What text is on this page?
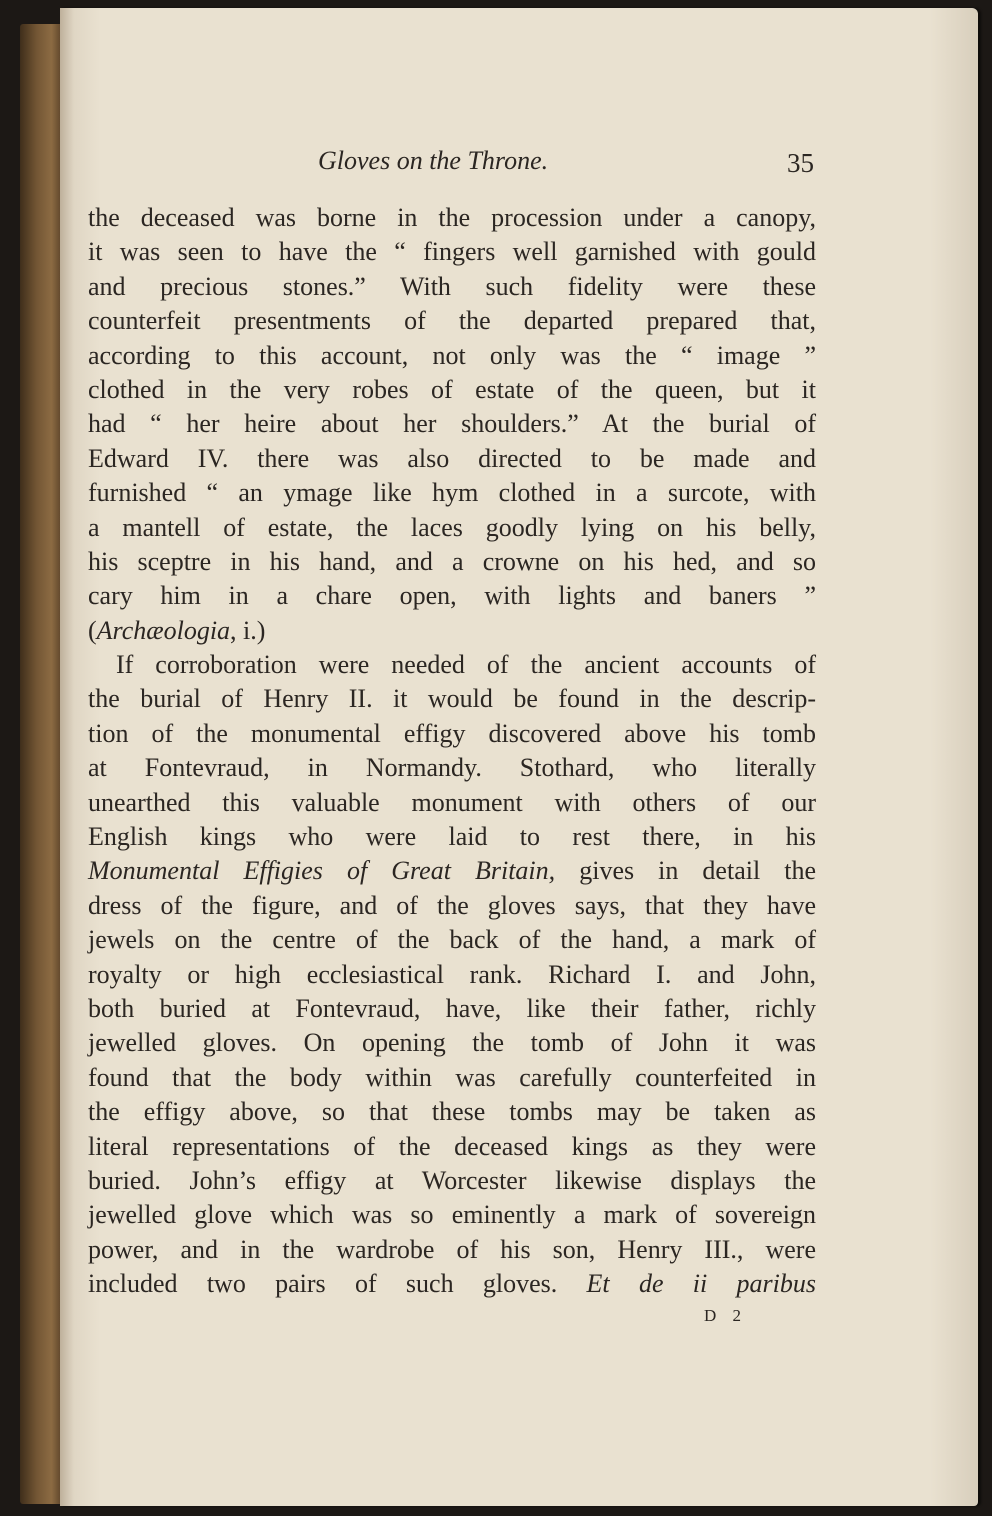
Gloves on the Throne.	35
the deceased was borne in the procession under a canopy,
it was seen to have the “ fingers well garnished with gould
and precious stones.” With such fidelity were these
counterfeit presentments of the departed prepared that,
according to this account, not only was the “ image ”
clothed in the very robes of estate of the queen, but it
had “ her heire about her shoulders.” At the burial of
Edward IV. there was also directed to be made and
furnished “ an ymage like hym clothed in a surcote, with
a mantell of estate, the laces goodly lying on his belly,
his sceptre in his hand, and a crowne on his hed, and so
cary him in a chare open, with lights and baners ”
(Archæologia, i.)
If corroboration were needed of the ancient accounts of
the burial of Henry II. it would be found in the descrip-
tion of the monumental effigy discovered above his tomb
at Fontevraud, in Normandy. Stothard, who literally
unearthed this valuable monument with others of our
English kings who were laid to rest there, in his
Monumental Effigies of Great Britain, gives in detail the
dress of the figure, and of the gloves says, that they have
jewels on the centre of the back of the hand, a mark of
royalty or high ecclesiastical rank. Richard I. and John,
both buried at Fontevraud, have, like their father, richly
jewelled gloves. On opening the tomb of John it was
found that the body within was carefully counterfeited in
the effigy above, so that these tombs may be taken as
literal representations of the deceased kings as they were
buried. John’s effigy at Worcester likewise displays the
jewelled glove which was so eminently a mark of sovereign
power, and in the wardrobe of his son, Henry III., were
included two pairs of such gloves. Et de ii paribus
D 2
